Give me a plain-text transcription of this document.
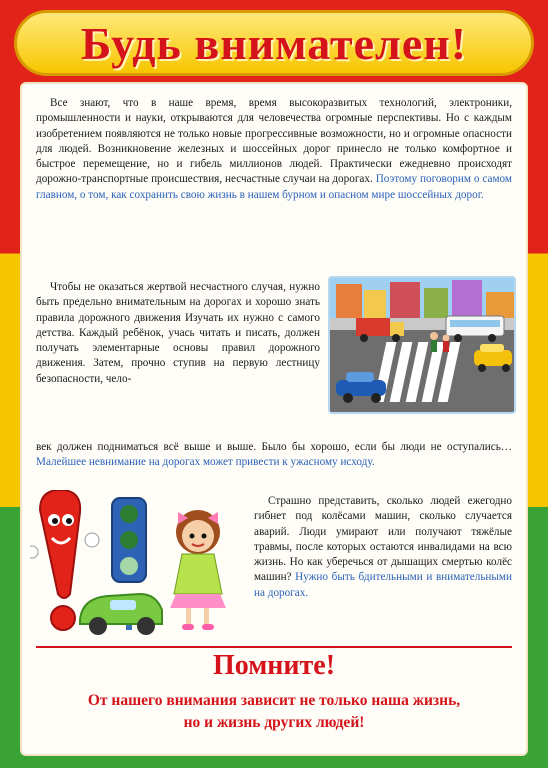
Будь внимателен!

Все знают, что в наше время, время высокоразвитых технологий, электроники, промышленности и науки, открываются для человечества огромные перспективы. Но с каждым изобретением появляются не только новые прогрессивные возможности, но и огромные опасности для людей. Возникновение железных и шоссейных дорог принесло не только комфортное и быстрое перемещение, но и гибель миллионов людей. Практически ежедневно происходят дорожно-транспортные происшествия, несчастные случаи на дорогах. Поэтому поговорим о самом главном, о том, как сохранить свою жизнь в нашем бурном и опасном мире шоссейных дорог.

Чтобы не оказаться жертвой несчастного случая, нужно быть предельно внимательным на дорогах и хорошо знать правила дорожного движения Изучать их нужно с самого детства. Каждый ребёнок, учась читать и писать, должен получать элементарные основы правил дорожного движения. Затем, прочно ступив на первую лестницу безопасности, чело-

век должен подниматься всё выше и выше. Было бы хорошо, если бы люди не оступались… Малейшее невнимание на дорогах может привести к ужасному исходу.

Страшно представить, сколько людей ежегодно гибнет под колёсами машин, сколько случается аварий. Люди умирают или получают тяжёлые травмы, после которых остаются инвалидами на всю жизнь. Но как уберечься от дышащих смертью колёс машин? Нужно быть бдительными и внимательными на дорогах.

Помните!

От нашего внимания зависит не только наша жизнь,
но и жизнь других людей!
